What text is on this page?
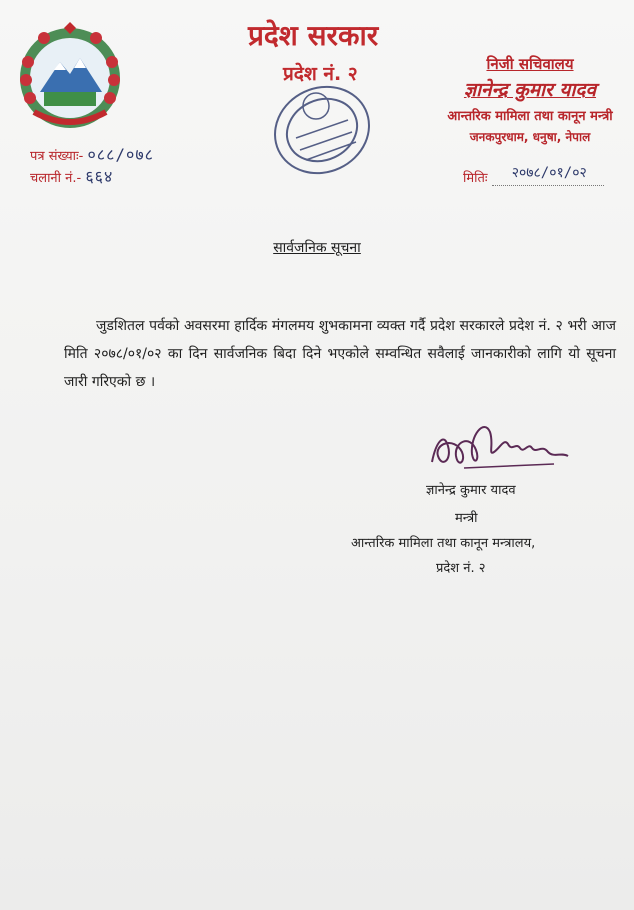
पत्र संख्याः- ०८८/०७८
चलानी नं.- ६६४
प्रदेश सरकार
प्रदेश नं. २	निजी सचिवालय
ज्ञानेन्द्र कुमार यादव
आन्तरिक मामिला तथा कानून मन्त्री
जनकपुरधाम, धनुषा, नेपाल
मितिः २०७८/०१/०२
सार्वजनिक सूचना
जुडशितल पर्वको अवसरमा हार्दिक मंगलमय शुभकामना व्यक्त गर्दै प्रदेश सरकारले प्रदेश नं. २ भरी आज मिति २०७८/०१/०२ का दिन सार्वजनिक बिदा दिने भएकोले सम्वन्धित सवैलाई जानकारीको लागि यो सूचना जारी गरिएको छ ।
ज्ञानेन्द्र कुमार यादव
मन्त्री
आन्तरिक मामिला तथा कानून मन्त्रालय,
प्रदेश नं. २
